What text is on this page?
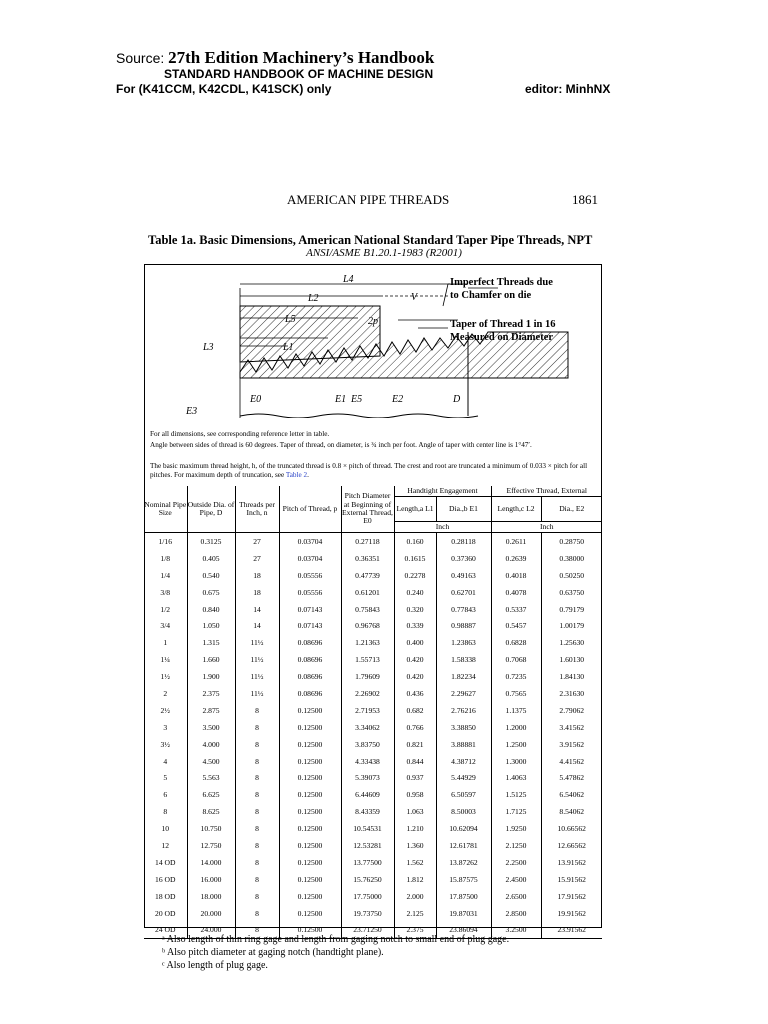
Source: 27th Edition Machinery’s Handbook
STANDARD HANDBOOK OF MACHINE DESIGN
For (K41CCM, K42CDL, K41SCK) only	editor: MinhNX
AMERICAN PIPE THREADS	1861
Table 1a. Basic Dimensions, American National Standard Taper Pipe Threads, NPT
ANSI/ASME B1.20.1-1983 (R2001)
L4
L2	V
L5	2p
L3	L1
Imperfect Threads due
to Chamfer on die
Taper of Thread 1 in 16
Measured on Diameter
E0	E1 E5	E2	D
E3
For all dimensions, see corresponding reference letter in table.
Angle between sides of thread is 60 degrees. Taper of thread, on diameter, is ¾ inch per foot. Angle of taper with center line is 1°47′.
The basic maximum thread height, h, of the truncated thread is 0.8 × pitch of thread. The crest and root are truncated a minimum of 0.033 × pitch for all pitches. For maximum depth of truncation, see Table 2.
Nominal Pipe Size	Outside Dia. of Pipe, D	Threads per Inch, n	Pitch of Thread, p	Pitch Diameter at Beginning of External Thread, E0	Handtight Engagement		Effective Thread, External	
					Length,a L1	Dia.,b E1	Length,c L2	Dia., E2
					Inch		Inch	
1/16	0.3125	27	0.03704	0.27118	0.160	0.28118	0.2611	0.28750
1/8	0.405	27	0.03704	0.36351	0.1615	0.37360	0.2639	0.38000
1/4	0.540	18	0.05556	0.47739	0.2278	0.49163	0.4018	0.50250
3/8	0.675	18	0.05556	0.61201	0.240	0.62701	0.4078	0.63750
1/2	0.840	14	0.07143	0.75843	0.320	0.77843	0.5337	0.79179
3/4	1.050	14	0.07143	0.96768	0.339	0.98887	0.5457	1.00179
1	1.315	11½	0.08696	1.21363	0.400	1.23863	0.6828	1.25630
1¼	1.660	11½	0.08696	1.55713	0.420	1.58338	0.7068	1.60130
1½	1.900	11½	0.08696	1.79609	0.420	1.82234	0.7235	1.84130
2	2.375	11½	0.08696	2.26902	0.436	2.29627	0.7565	2.31630
2½	2.875	8	0.12500	2.71953	0.682	2.76216	1.1375	2.79062
3	3.500	8	0.12500	3.34062	0.766	3.38850	1.2000	3.41562
3½	4.000	8	0.12500	3.83750	0.821	3.88881	1.2500	3.91562
4	4.500	8	0.12500	4.33438	0.844	4.38712	1.3000	4.41562
5	5.563	8	0.12500	5.39073	0.937	5.44929	1.4063	5.47862
6	6.625	8	0.12500	6.44609	0.958	6.50597	1.5125	6.54062
8	8.625	8	0.12500	8.43359	1.063	8.50003	1.7125	8.54062
10	10.750	8	0.12500	10.54531	1.210	10.62094	1.9250	10.66562
12	12.750	8	0.12500	12.53281	1.360	12.61781	2.1250	12.66562
14 OD	14.000	8	0.12500	13.77500	1.562	13.87262	2.2500	13.91562
16 OD	16.000	8	0.12500	15.76250	1.812	15.87575	2.4500	15.91562
18 OD	18.000	8	0.12500	17.75000	2.000	17.87500	2.6500	17.91562
20 OD	20.000	8	0.12500	19.73750	2.125	19.87031	2.8500	19.91562
24 OD	24.000	8	0.12500	23.71250	2.375	23.86094	3.2500	23.91562
ᵃ Also length of thin ring gage and length from gaging notch to small end of plug gage.
ᵇ Also pitch diameter at gaging notch (handtight plane).
ᶜ Also length of plug gage.
